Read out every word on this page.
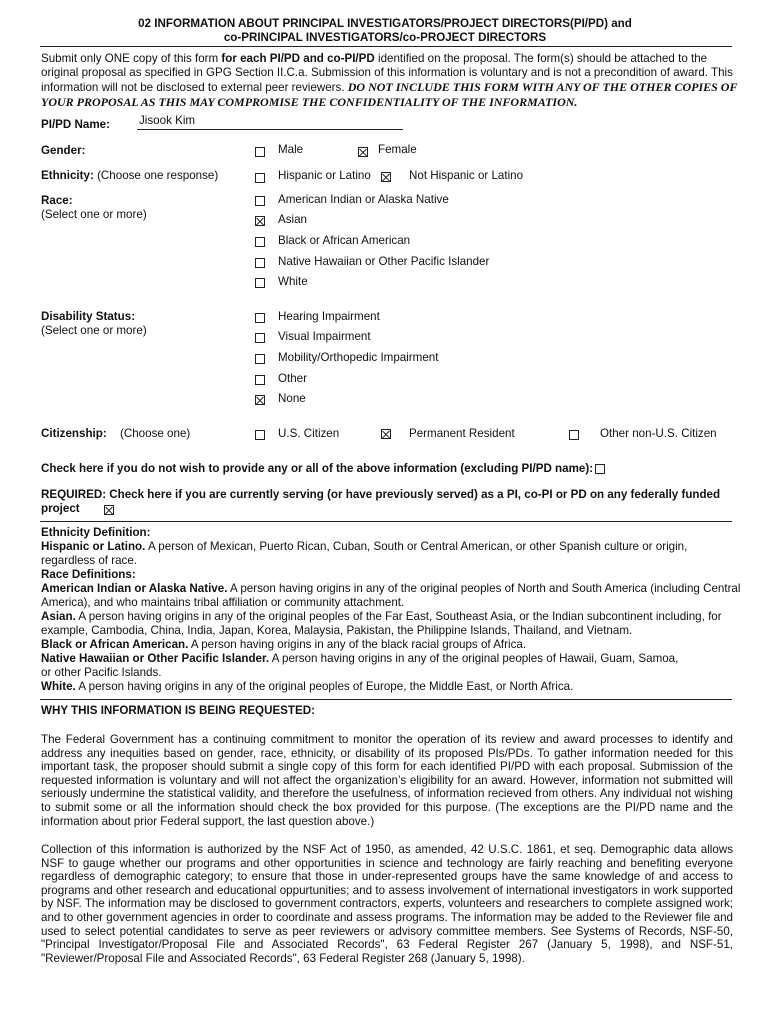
02 INFORMATION ABOUT PRINCIPAL INVESTIGATORS/PROJECT DIRECTORS(PI/PD) and
co-PRINCIPAL INVESTIGATORS/co-PROJECT DIRECTORS
Submit only ONE copy of this form for each PI/PD and co-PI/PD identified on the proposal. The form(s) should be attached to the original proposal as specified in GPG Section II.C.a. Submission of this information is voluntary and is not a precondition of award. This information will not be disclosed to external peer reviewers. DO NOT INCLUDE THIS FORM WITH ANY OF THE OTHER COPIES OF YOUR PROPOSAL AS THIS MAY COMPROMISE THE CONFIDENTIALITY OF THE INFORMATION.
PI/PD Name:	Jisook Kim
Gender:	Male	Female
Ethnicity: (Choose one response)	Hispanic or Latino	Not Hispanic or Latino
Race:
(Select one or more)
American Indian or Alaska Native
Asian
Black or African American
Native Hawaiian or Other Pacific Islander
White
Disability Status:
(Select one or more)
Hearing Impairment
Visual Impairment
Mobility/Orthopedic Impairment
Other
None
Citizenship: (Choose one)	U.S. Citizen	Permanent Resident	Other non-U.S. Citizen
Check here if you do not wish to provide any or all of the above information (excluding PI/PD name):
REQUIRED: Check here if you are currently serving (or have previously served) as a PI, co-PI or PD on any federally funded
project

Ethnicity Definition:

Hispanic or Latino. A person of Mexican, Puerto Rican, Cuban, South or Central American, or other Spanish culture or origin, regardless of race.

Race Definitions:

American Indian or Alaska Native. A person having origins in any of the original peoples of North and South America (including Central America), and who maintains tribal affiliation or community attachment.

Asian. A person having origins in any of the original peoples of the Far East, Southeast Asia, or the Indian subcontinent including, for example, Cambodia, China, India, Japan, Korea, Malaysia, Pakistan, the Philippine Islands, Thailand, and Vietnam.

Black or African American. A person having origins in any of the black racial groups of Africa.

Native Hawaiian or Other Pacific Islander. A person having origins in any of the original peoples of Hawaii, Guam, Samoa,
or other Pacific Islands.

White. A person having origins in any of the original peoples of Europe, the Middle East, or North Africa.

WHY THIS INFORMATION IS BEING REQUESTED:
The Federal Government has a continuing commitment to monitor the operation of its review and award processes to identify and address any inequities based on gender, race, ethnicity, or disability of its proposed PIs/PDs. To gather information needed for this important task, the proposer should submit a single copy of this form for each identified PI/PD with each proposal. Submission of the requested information is voluntary and will not affect the organization’s eligibility for an award. However, information not submitted will seriously undermine the statistical validity, and therefore the usefulness, of information recieved from others. Any individual not wishing to submit some or all the information should check the box provided for this purpose. (The exceptions are the PI/PD name and the information about prior Federal support, the last question above.)
Collection of this information is authorized by the NSF Act of 1950, as amended, 42 U.S.C. 1861, et seq. Demographic data allows NSF to gauge whether our programs and other opportunities in science and technology are fairly reaching and benefiting everyone regardless of demographic category; to ensure that those in under-represented groups have the same knowledge of and access to programs and other research and educational oppurtunities; and to assess involvement of international investigators in work supported by NSF. The information may be disclosed to government contractors, experts, volunteers and researchers to complete assigned work; and to other government agencies in order to coordinate and assess programs. The information may be added to the Reviewer file and used to select potential candidates to serve as peer reviewers or advisory committee members. See Systems of Records, NSF-50, "Principal Investigator/Proposal File and Associated Records", 63 Federal Register 267 (January 5, 1998), and NSF-51, "Reviewer/Proposal File and Associated Records", 63 Federal Register 268 (January 5, 1998).
